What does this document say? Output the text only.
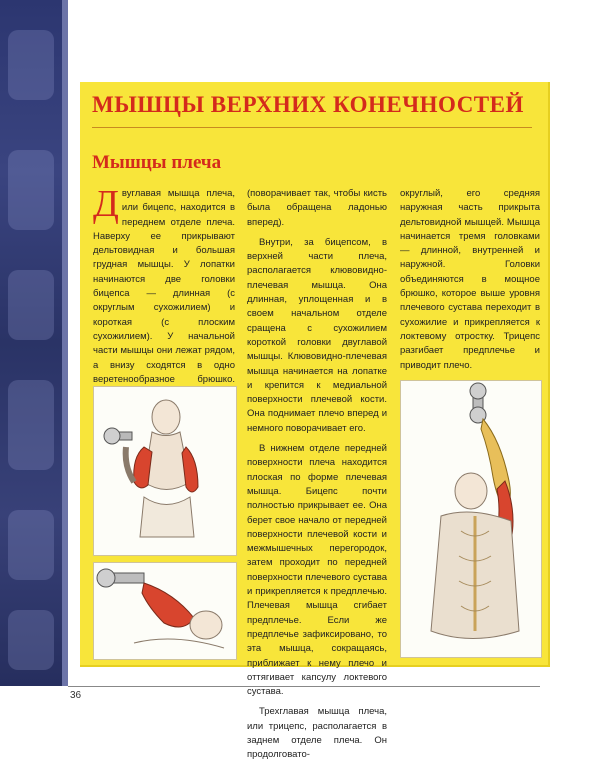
МЫШЦЫ ВЕРХНИХ КОНЕЧНОСТЕЙ
Мышцы плеча

Двуглавая мышца плеча, или бицепс, находится в переднем отделе плеча. Наверху ее прикрывают дельтовидная и большая грудная мышцы. У лопатки начинаются две головки бицепса — длинная (с округлым сухожилием) и короткая (с плоским сухожилием). У начальной части мышцы они лежат рядом, а внизу сходятся в одно веретенообразное брюшко.

(поворачивает так, чтобы кисть была обращена ладонью вперед).

Внутри, за бицепсом, в верхней части плеча, располагается клювовидно-плечевая мышца. Она длинная, уплощенная и в своем начальном отделе сращена с сухожилием короткой головки двуглавой мышцы. Клювовидно-плечевая мышца начинается на лопатке и крепится к медиальной поверхности плечевой кости. Она поднимает плечо вперед и немного поворачивает его.

В нижнем отделе передней поверхности плеча находится плоская по форме плечевая мышца. Бицепс почти полностью прикрывает ее. Она берет свое начало от передней поверхности плечевой кости и межмышечных перегородок, затем проходит по передней поверхности плечевого сустава и прикрепляется к предплечью. Плечевая мышца сгибает предплечье. Если же предплечье зафиксировано, то эта мышца, сокращаясь, приближает к нему плечо и оттягивает капсулу локтевого сустава.

Трехглавая мышца плеча, или трицепс, располагается в заднем отделе плеча. Он продолговато-

округлый, его средняя наружная часть прикрыта дельтовидной мышцей. Мышца начинается тремя головками — длинной, внутренней и наружной. Головки объединяются в мощное брюшко, которое выше уровня плечевого сустава переходит в сухожилие и прикрепляется к локтевому отростку. Трицепс разгибает предплечье и приводит плечо.

36
